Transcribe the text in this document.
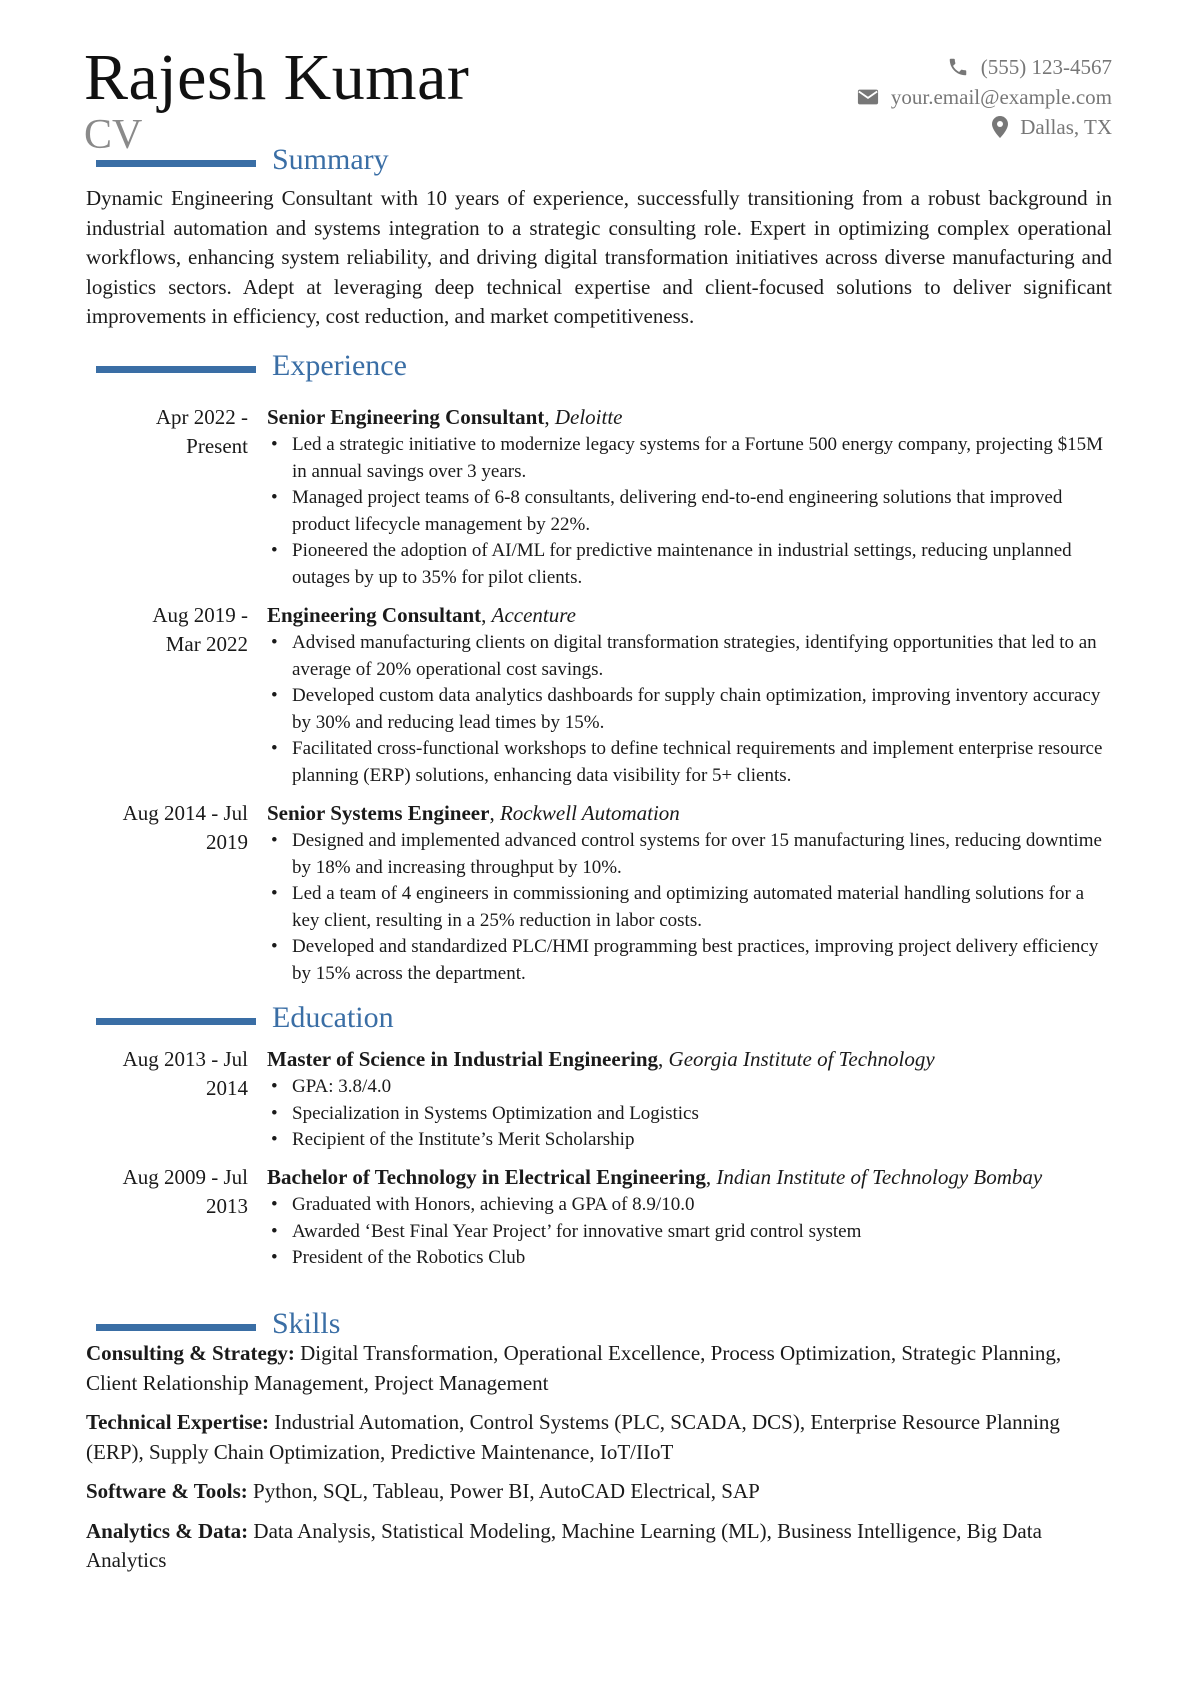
Rajesh Kumar
CV
(555) 123-4567
your.email@example.com
Dallas, TX
Summary
Dynamic Engineering Consultant with 10 years of experience, successfully transitioning from a robust background in industrial automation and systems integration to a strategic consulting role. Expert in optimizing complex operational workflows, enhancing system reliability, and driving digital transformation initiatives across diverse manufacturing and logistics sectors. Adept at leveraging deep technical expertise and client-focused solutions to deliver significant improvements in efficiency, cost reduction, and market competitiveness.
Experience
Apr 2022 -
Present
Senior Engineering Consultant, Deloitte
• Led a strategic initiative to modernize legacy systems for a Fortune 500 energy company, projecting $15M in annual savings over 3 years.
• Managed project teams of 6-8 consultants, delivering end-to-end engineering solutions that improved product lifecycle management by 22%.
• Pioneered the adoption of AI/ML for predictive maintenance in industrial settings, reducing unplanned outages by up to 35% for pilot clients.
Aug 2019 -
Mar 2022
Engineering Consultant, Accenture
• Advised manufacturing clients on digital transformation strategies, identifying opportunities that led to an average of 20% operational cost savings.
• Developed custom data analytics dashboards for supply chain optimization, improving inventory accuracy by 30% and reducing lead times by 15%.
• Facilitated cross-functional workshops to define technical requirements and implement enterprise resource planning (ERP) solutions, enhancing data visibility for 5+ clients.
Aug 2014 - Jul
2019
Senior Systems Engineer, Rockwell Automation
• Designed and implemented advanced control systems for over 15 manufacturing lines, reducing downtime by 18% and increasing throughput by 10%.
• Led a team of 4 engineers in commissioning and optimizing automated material handling solutions for a key client, resulting in a 25% reduction in labor costs.
• Developed and standardized PLC/HMI programming best practices, improving project delivery efficiency by 15% across the department.
Education
Aug 2013 - Jul
2014
Master of Science in Industrial Engineering, Georgia Institute of Technology
• GPA: 3.8/4.0
• Specialization in Systems Optimization and Logistics
• Recipient of the Institute’s Merit Scholarship
Aug 2009 - Jul
2013
Bachelor of Technology in Electrical Engineering, Indian Institute of Technology Bombay
• Graduated with Honors, achieving a GPA of 8.9/10.0
• Awarded ‘Best Final Year Project’ for innovative smart grid control system
• President of the Robotics Club
Skills

Consulting & Strategy: Digital Transformation, Operational Excellence, Process Optimization, Strategic Planning, Client Relationship Management, Project Management

Technical Expertise: Industrial Automation, Control Systems (PLC, SCADA, DCS), Enterprise Resource Planning (ERP), Supply Chain Optimization, Predictive Maintenance, IoT/IIoT

Software & Tools: Python, SQL, Tableau, Power BI, AutoCAD Electrical, SAP

Analytics & Data: Data Analysis, Statistical Modeling, Machine Learning (ML), Business Intelligence, Big Data Analytics
